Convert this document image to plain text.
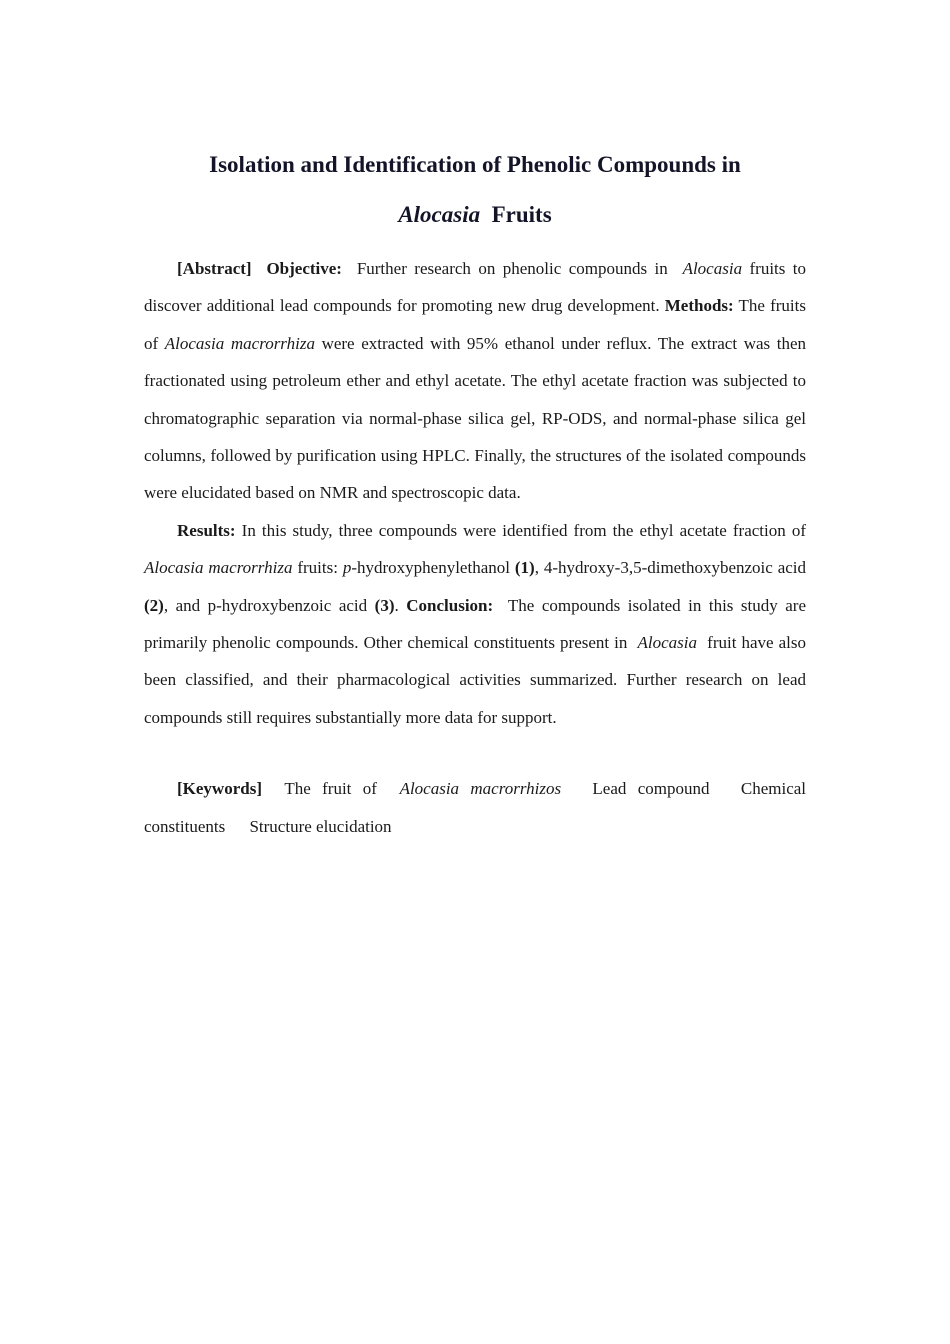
Isolation and Identification of Phenolic Compounds in
Alocasia Fruits

[Abstract] Objective: Further research on phenolic compounds in Alocasia fruits to discover additional lead compounds for promoting new drug development. Methods: The fruits of Alocasia macrorrhiza were extracted with 95% ethanol under reflux. The extract was then fractionated using petroleum ether and ethyl acetate. The ethyl acetate fraction was subjected to chromatographic separation via normal-phase silica gel, RP-ODS, and normal-phase silica gel columns, followed by purification using HPLC. Finally, the structures of the isolated compounds were elucidated based on NMR and spectroscopic data.

Results: In this study, three compounds were identified from the ethyl acetate fraction of Alocasia macrorrhiza fruits: p-hydroxyphenylethanol (1), 4-hydroxy-3,5-dimethoxybenzoic acid (2), and p-hydroxybenzoic acid (3). Conclusion: The compounds isolated in this study are primarily phenolic compounds. Other chemical constituents present in Alocasia fruit have also been classified, and their pharmacological activities summarized. Further research on lead compounds still requires substantially more data for support.

[Keywords] The fruit of Alocasia macrorrhizos Lead compound Chemical constituents Structure elucidation
